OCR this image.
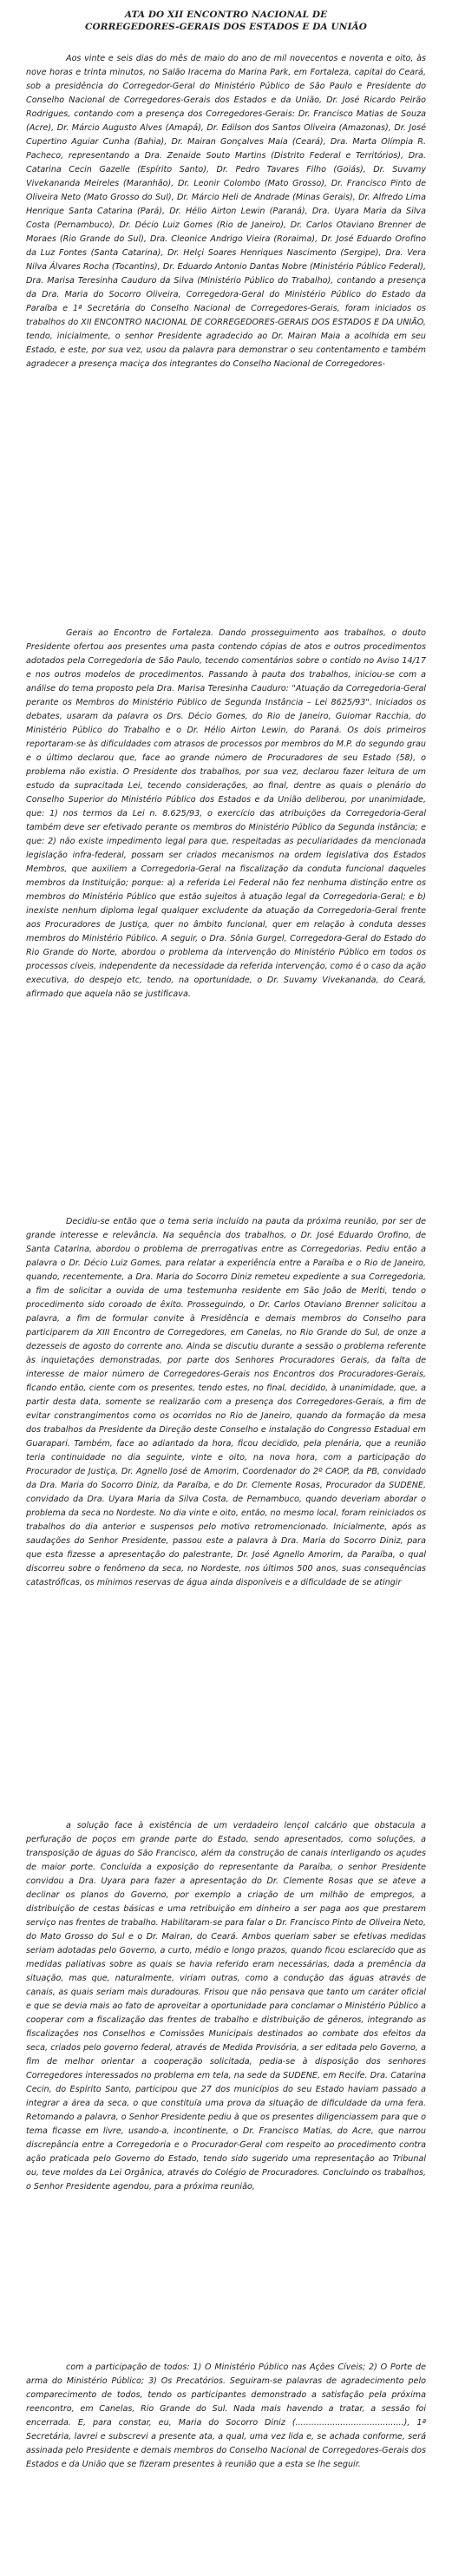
ATA DO XII ENCONTRO NACIONAL DE
CORREGEDORES-GERAIS DOS ESTADOS E DA UNIÃO

Aos vinte e seis dias do mês de maio do ano de mil novecentos e noventa e oito, às nove horas e trinta minutos, no Salão Iracema do Marina Park, em Fortaleza, capital do Ceará, sob a presidência do Corregedor-Geral do Ministério Público de São Paulo e Presidente do Conselho Nacional de Corregedores-Gerais dos Estados e da União, Dr. José Ricardo Peirão Rodrigues, contando com a presença dos Corregedores-Gerais: Dr. Francisco Matias de Souza (Acre), Dr. Márcio Augusto Alves (Amapá), Dr. Edilson dos Santos Oliveira (Amazonas), Dr. José Cupertino Aguiar Cunha (Bahia), Dr. Mairan Gonçalves Maia (Ceará), Dra. Marta Olímpia R. Pacheco, representando a Dra. Zenaide Souto Martins (Distrito Federal e Territórios), Dra. Catarina Cecin Gazelle (Espírito Santo), Dr. Pedro Tavares Filho (Goiás), Dr. Suvamy Vivekananda Meireles (Maranhão), Dr. Leonir Colombo (Mato Grosso), Dr. Francisco Pinto de Oliveira Neto (Mato Grosso do Sul), Dr. Márcio Heli de Andrade (Minas Gerais), Dr. Alfredo Lima Henrique Santa Catarina (Pará), Dr. Hélio Airton Lewin (Paraná), Dra. Uyara Maria da Silva Costa (Pernambuco), Dr. Décio Luiz Gomes (Rio de Janeiro), Dr. Carlos Otaviano Brenner de Moraes (Rio Grande do Sul), Dra. Cleonice Andrigo Vieira (Roraima), Dr. José Eduardo Orofino da Luz Fontes (Santa Catarina), Dr. Helçi Soares Henriques Nascimento (Sergipe), Dra. Vera Nilva Álvares Rocha (Tocantins), Dr. Eduardo Antonio Dantas Nobre (Ministério Público Federal), Dra. Marisa Teresinha Cauduro da Silva (Ministério Público do Trabalho), contando a presença da Dra. Maria do Socorro Oliveira, Corregedora-Geral do Ministério Público do Estado da Paraíba e 1ª Secretária do Conselho Nacional de Corregedores-Gerais, foram iniciados os trabalhos do XII ENCONTRO NACIONAL DE CORREGEDORES-GERAIS DOS ESTADOS E DA UNIÃO, tendo, inicialmente, o senhor Presidente agradecido ao Dr. Mairan Maia a acolhida em seu Estado, e este, por sua vez, usou da palavra para demonstrar o seu contentamento e também agradecer a presença maciça dos integrantes do Conselho Nacional de Corregedores-

Gerais ao Encontro de Fortaleza. Dando prosseguimento aos trabalhos, o douto Presidente ofertou aos presentes uma pasta contendo cópias de atos e outros procedimentos adotados pela Corregedoria de São Paulo, tecendo comentários sobre o contido no Aviso 14/17 e nos outros modelos de procedimentos. Passando à pauta dos trabalhos, iniciou-se com a análise do tema proposto pela Dra. Marisa Teresinha Cauduro: "Atuação da Corregedoria-Geral perante os Membros do Ministério Público de Segunda Instância – Lei 8625/93". Iniciados os debates, usaram da palavra os Drs. Décio Gomes, do Rio de Janeiro, Guiomar Racchia, do Ministério Público do Trabalho e o Dr. Hélio Airton Lewin, do Paraná. Os dois primeiros reportaram-se às dificuldades com atrasos de processos por membros do M.P. do segundo grau e o último declarou que, face ao grande número de Procuradores de seu Estado (58), o problema não existia. O Presidente dos trabalhos, por sua vez, declarou fazer leitura de um estudo da supracitada Lei, tecendo considerações, ao final, dentre as quais o plenário do Conselho Superior do Ministério Público dos Estados e da União deliberou, por unanimidade, que: 1) nos termos da Lei n. 8.625/93, o exercício das atribuições da Corregedoria-Geral também deve ser efetivado perante os membros do Ministério Público da Segunda instância; e que: 2) não existe impedimento legal para que, respeitadas as peculiaridades da mencionada legislação infra-federal, possam ser criados mecanismos na ordem legislativa dos Estados Membros, que auxiliem a Corregedoria-Geral na fiscalização da conduta funcional daqueles membros da Instituição; porque: a) a referida Lei Federal não fez nenhuma distinção entre os membros do Ministério Público que estão sujeitos à atuação legal da Corregedoria-Geral; e b) inexiste nenhum diploma legal qualquer excludente da atuação da Corregedoria-Geral frente aos Procuradores de Justiça, quer no âmbito funcional, quer em relação à conduta desses membros do Ministério Público. A seguir, o Dra. Sônia Gurgel, Corregedora-Geral do Estado do Rio Grande do Norte, abordou o problema da intervenção do Ministério Público em todos os processos cíveis, independente da necessidade da referida intervenção, como é o caso da ação executiva, do despejo etc, tendo, na oportunidade, o Dr. Suvamy Vivekananda, do Ceará, afirmado que aquela não se justificava.

Decidiu-se então que o tema seria incluído na pauta da próxima reunião, por ser de grande interesse e relevância. Na sequência dos trabalhos, o Dr. José Eduardo Orofino, de Santa Catarina, abordou o problema de prerrogativas entre as Corregedorias. Pediu então a palavra o Dr. Décio Luiz Gomes, para relatar a experiência entre a Paraíba e o Rio de Janeiro, quando, recentemente, a Dra. Maria do Socorro Diniz remeteu expediente a sua Corregedoria, a fim de solicitar a ouvida de uma testemunha residente em São João de Meriti, tendo o procedimento sido coroado de êxito. Prosseguindo, o Dr. Carlos Otaviano Brenner solicitou a palavra, a fim de formular convite à Presidência e demais membros do Conselho para participarem da XIII Encontro de Corregedores, em Canelas, no Rio Grande do Sul, de onze a dezesseis de agosto do corrente ano. Ainda se discutiu durante a sessão o problema referente às inquietações demonstradas, por parte dos Senhores Procuradores Gerais, da falta de interesse de maior número de Corregedores-Gerais nos Encontros dos Procuradores-Gerais, ficando então, ciente com os presentes, tendo estes, no final, decidido, à unanimidade, que, a partir desta data, somente se realizarão com a presença dos Corregedores-Gerais, a fim de evitar constrangimentos como os ocorridos no Rio de Janeiro, quando da formação da mesa dos trabalhos da Presidente da Direção deste Conselho e instalação do Congresso Estadual em Guarapari. Também, face ao adiantado da hora, ficou decidido, pela plenária, que a reunião teria continuidade no dia seguinte, vinte e oito, na nova hora, com a participação do Procurador de Justiça, Dr. Agnello José de Amorim, Coordenador do 2º CAOP, da PB, convidado da Dra. Maria do Socorro Diniz, da Paraíba, e do Dr. Clemente Rosas, Procurador da SUDENE, convidado da Dra. Uyara Maria da Silva Costa, de Pernambuco, quando deveriam abordar o problema da seca no Nordeste. No dia vinte e oito, então, no mesmo local, foram reiniciados os trabalhos do dia anterior e suspensos pelo motivo retromencionado. Inicialmente, após as saudações do Senhor Presidente, passou este a palavra à Dra. Maria do Socorro Diniz, para que esta fizesse a apresentação do palestrante, Dr. José Agnello Amorim, da Paraíba, o qual discorreu sobre o fenômeno da seca, no Nordeste, nos últimos 500 anos, suas consequências catastróficas, os mínimos reservas de água ainda disponíveis e a dificuldade de se atingir

a solução face à existência de um verdadeiro lençol calcário que obstacula a perfuração de poços em grande parte do Estado, sendo apresentados, como soluções, a transposição de águas do São Francisco, além da construção de canais interligando os açudes de maior porte. Concluída a exposição do representante da Paraíba, o senhor Presidente convidou a Dra. Uyara para fazer a apresentação do Dr. Clemente Rosas que se ateve a declinar os planos do Governo, por exemplo a criação de um milhão de empregos, a distribuição de cestas básicas e uma retribuição em dinheiro a ser paga aos que prestarem serviço nas frentes de trabalho. Habilitaram-se para falar o Dr. Francisco Pinto de Oliveira Neto, do Mato Grosso do Sul e o Dr. Mairan, do Ceará. Ambos queriam saber se efetivas medidas seriam adotadas pelo Governo, a curto, médio e longo prazos, quando ficou esclarecido que as medidas paliativas sobre as quais se havia referido eram necessárias, dada a premência da situação, mas que, naturalmente, viriam outras, como a condução das águas através de canais, as quais seriam mais duradouras. Frisou que não pensava que tanto um caráter oficial e que se devia mais ao fato de aproveitar a oportunidade para conclamar o Ministério Público a cooperar com a fiscalização das frentes de trabalho e distribuição de gêneros, integrando as fiscalizações nos Conselhos e Comissões Municipais destinados ao combate dos efeitos da seca, criados pelo governo federal, através de Medida Provisória, a ser editada pelo Governo, a fim de melhor orientar a cooperação solicitada, pedia-se à disposição dos senhores Corregedores interessados no problema em tela, na sede da SUDENE, em Recife. Dra. Catarina Cecin, do Espírito Santo, participou que 27 dos municípios do seu Estado haviam passado a integrar a área da seca, o que constituía uma prova da situação de dificuldade da uma fera. Retomando a palavra, o Senhor Presidente pediu à que os presentes diligenciassem para que o tema ficasse em livre, usando-a, incontinente, o Dr. Francisco Matias, do Acre, que narrou discrepância entre a Corregedoria e o Procurador-Geral com respeito ao procedimento contra ação praticada pelo Governo do Estado, tendo sido sugerido uma representação ao Tribunal ou, teve moldes da Lei Orgânica, através do Colégio de Procuradores. Concluindo os trabalhos, o Senhor Presidente agendou, para a próxima reunião,

com a participação de todos: 1) O Ministério Público nas Ações Cíveis; 2) O Porte de arma do Ministério Público; 3) Os Precatórios. Seguiram-se palavras de agradecimento pelo comparecimento de todos, tendo os participantes demonstrado a satisfação pela próxima reencontro, em Canelas, Rio Grande do Sul. Nada mais havendo a tratar, a sessão foi encerrada. E, para constar, eu, Maria do Socorro Diniz (.........................................), 1ª Secretária, lavrei e subscrevi a presente ata, a qual, uma vez lida e, se achada conforme, será assinada pelo Presidente e demais membros do Conselho Nacional de Corregedores-Gerais dos Estados e da União que se fizeram presentes à reunião que a esta se lhe seguir.
